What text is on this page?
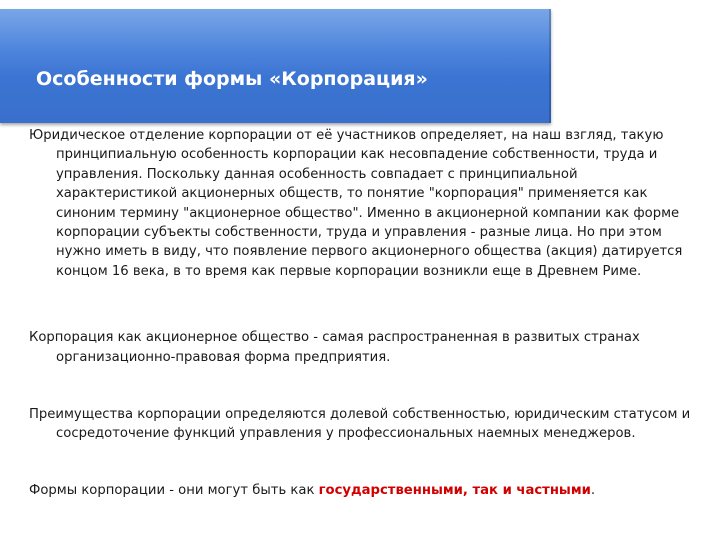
Особенности формы «Корпорация»

Юридическое отделение корпорации от её участников определяет, на наш взгляд, такую принципиальную особенность корпорации как несовпадение собственности, труда и управления. Поскольку данная особенность совпадает с принципиальной характеристикой акционерных обществ, то понятие "корпорация" применяется как синоним термину "акционерное общество". Именно в акционерной компании как форме корпорации субъекты собственности, труда и управления - разные лица. Но при этом нужно иметь в виду, что появление первого акционерного общества (акция) датируется концом 16 века, в то время как первые корпорации возникли еще в Древнем Риме.

Корпорация как акционерное общество - самая распространенная в развитых странах организационно-правовая форма предприятия.

Преимущества корпорации определяются долевой собственностью, юридическим статусом и сосредоточение функций управления у профессиональных наемных менеджеров.

Формы корпорации - они могут быть как государственными, так и частными.
